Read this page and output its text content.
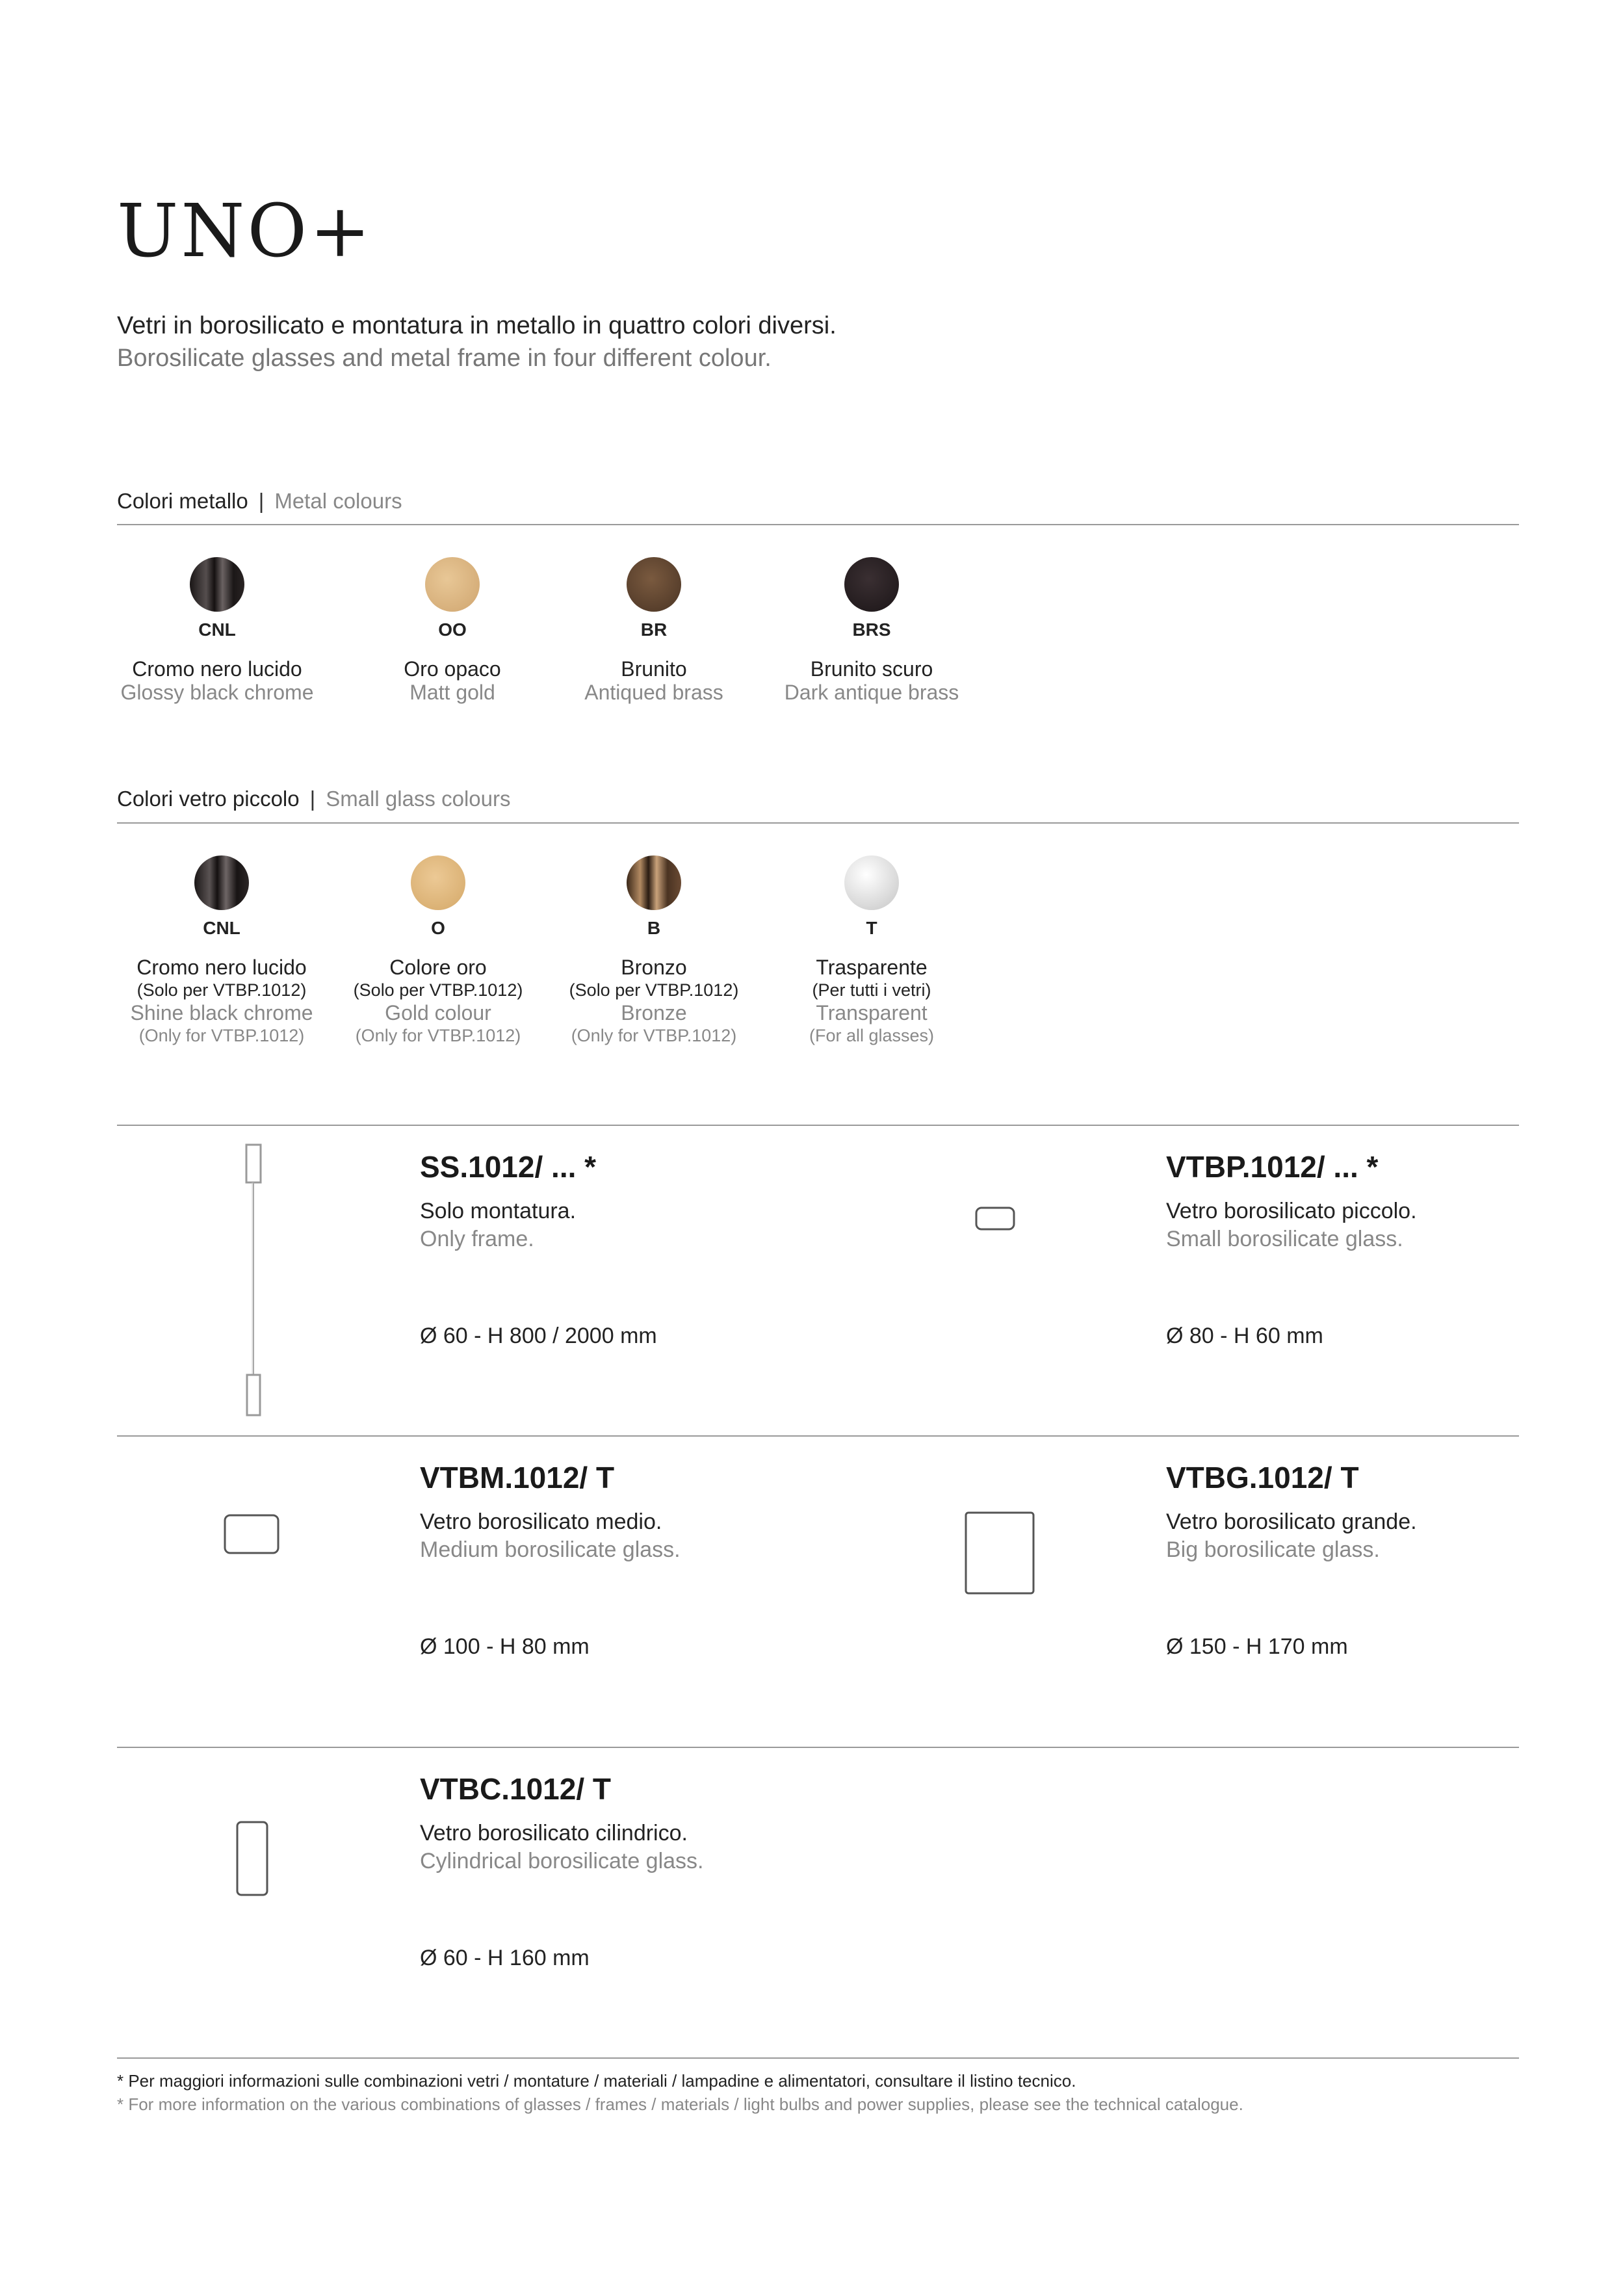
UNO+
Vetri in borosilicato e montatura in metallo in quattro colori diversi.
Borosilicate glasses and metal frame in four different colour.
Colori metallo | Metal colours
CNL
Cromo nero lucido
Glossy black chrome
OO
Oro opaco
Matt gold
BR
Brunito
Antiqued brass
BRS
Brunito scuro
Dark antique brass
Colori vetro piccolo | Small glass colours
CNL
Cromo nero lucido
(Solo per VTBP.1012)
Shine black chrome
(Only for VTBP.1012)
O
Colore oro
(Solo per VTBP.1012)
Gold colour
(Only for VTBP.1012)
B
Bronzo
(Solo per VTBP.1012)
Bronze
(Only for VTBP.1012)
T
Trasparente
(Per tutti i vetri)
Transparent
(For all glasses)
SS.1012/ ... *
Solo montatura.
Only frame.
Ø 60 - H 800 / 2000 mm
VTBP.1012/ ... *
Vetro borosilicato piccolo.
Small borosilicate glass.
Ø 80 - H 60 mm
VTBM.1012/ T
Vetro borosilicato medio.
Medium borosilicate glass.
Ø 100 - H 80 mm
VTBG.1012/ T
Vetro borosilicato grande.
Big borosilicate glass.
Ø 150 - H 170 mm
VTBC.1012/ T
Vetro borosilicato cilindrico.
Cylindrical borosilicate glass.
Ø 60 - H 160 mm
* Per maggiori informazioni sulle combinazioni vetri / montature / materiali / lampadine e alimentatori, consultare il listino tecnico.
* For more information on the various combinations of glasses / frames / materials / light bulbs and power supplies, please see the technical catalogue.
